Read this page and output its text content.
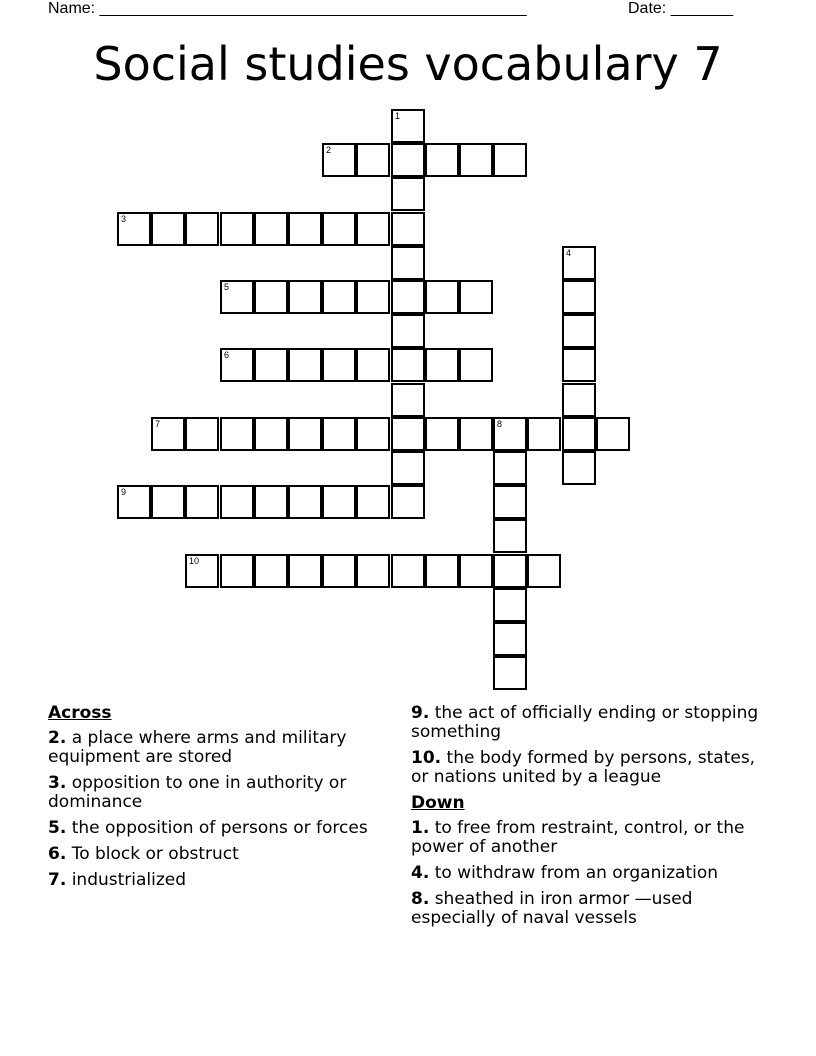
Name: ________________________________________________	Date: _______
Social studies vocabulary 7
1
2
3
4
5
6
7	8
9
10
Across
2. a place where arms and military equipment are stored
3. opposition to one in authority or dominance
5. the opposition of persons or forces
6. To block or obstruct
7. industrialized
9. the act of officially ending or stopping something
10. the body formed by persons, states, or nations united by a league
Down
1. to free from restraint, control, or the power of another
4. to withdraw from an organization
8. sheathed in iron armor —used especially of naval vessels
